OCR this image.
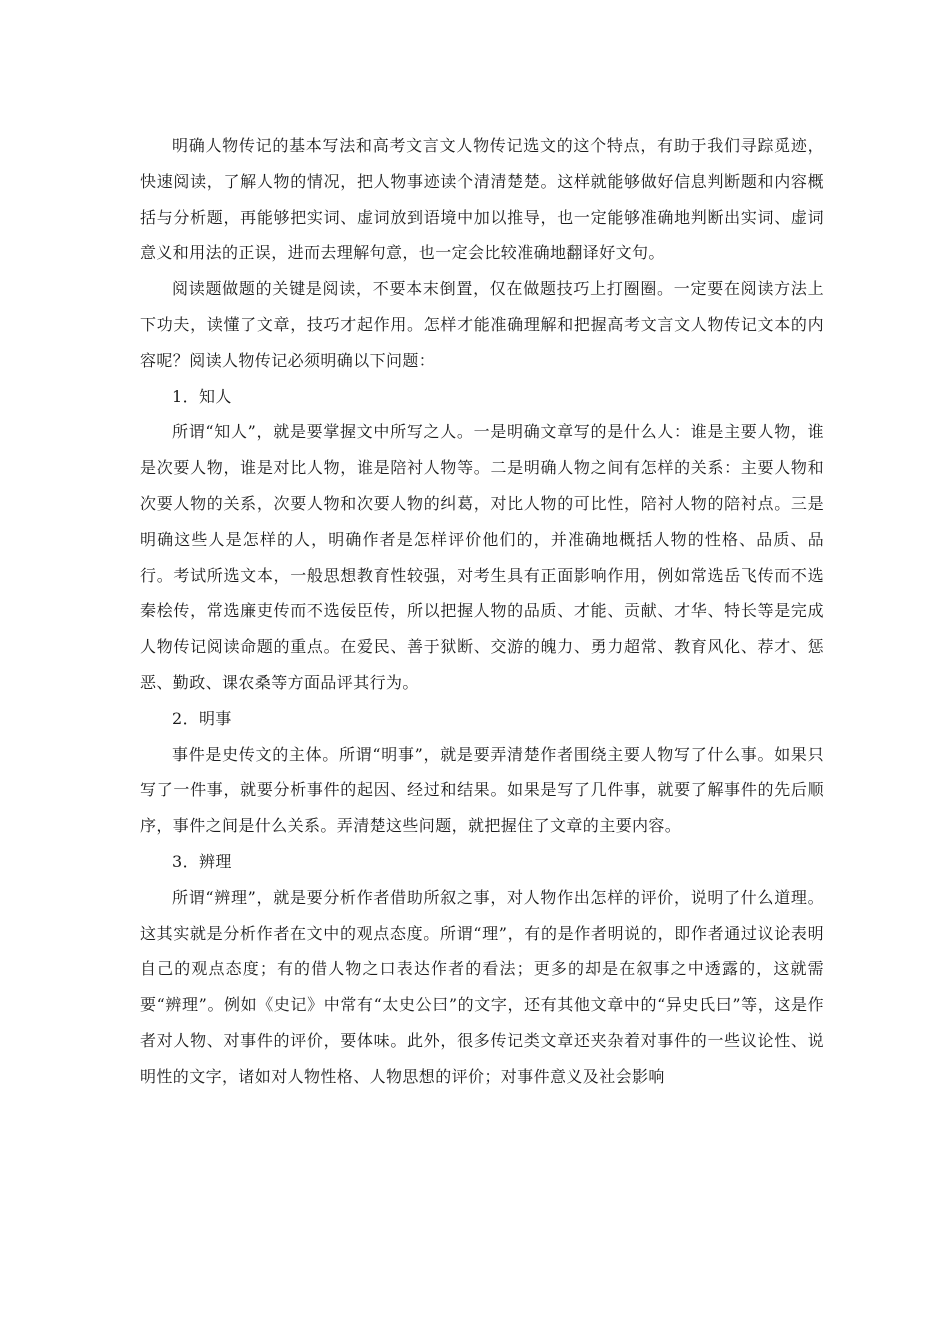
明确人物传记的基本写法和高考文言文人物传记选文的这个特点，有助于我们寻踪觅迹，快速阅读，了解人物的情况，把人物事迹读个清清楚楚。这样就能够做好信息判断题和内容概括与分析题，再能够把实词、虚词放到语境中加以推导，也一定能够准确地判断出实词、虚词意义和用法的正误，进而去理解句意，也一定会比较准确地翻译好文句。

阅读题做题的关键是阅读，不要本末倒置，仅在做题技巧上打圈圈。一定要在阅读方法上下功夫，读懂了文章，技巧才起作用。怎样才能准确理解和把握高考文言文人物传记文本的内容呢？阅读人物传记必须明确以下问题：

1．知人

所谓“知人”，就是要掌握文中所写之人。一是明确文章写的是什么人：谁是主要人物，谁是次要人物，谁是对比人物，谁是陪衬人物等。二是明确人物之间有怎样的关系：主要人物和次要人物的关系，次要人物和次要人物的纠葛，对比人物的可比性，陪衬人物的陪衬点。三是明确这些人是怎样的人，明确作者是怎样评价他们的，并准确地概括人物的性格、品质、品行。考试所选文本，一般思想教育性较强，对考生具有正面影响作用，例如常选岳飞传而不选秦桧传，常选廉吏传而不选佞臣传，所以把握人物的品质、才能、贡献、才华、特长等是完成人物传记阅读命题的重点。在爱民、善于狱断、交游的魄力、勇力超常、教育风化、荐才、惩恶、勤政、课农桑等方面品评其行为。

2．明事

事件是史传文的主体。所谓“明事”，就是要弄清楚作者围绕主要人物写了什么事。如果只写了一件事，就要分析事件的起因、经过和结果。如果是写了几件事，就要了解事件的先后顺序，事件之间是什么关系。弄清楚这些问题，就把握住了文章的主要内容。

3．辨理

所谓“辨理”，就是要分析作者借助所叙之事，对人物作出怎样的评价，说明了什么道理。这其实就是分析作者在文中的观点态度。所谓“理”，有的是作者明说的，即作者通过议论表明自己的观点态度；有的借人物之口表达作者的看法；更多的却是在叙事之中透露的，这就需要“辨理”。例如《史记》中常有“太史公曰”的文字，还有其他文章中的“异史氏曰”等，这是作者对人物、对事件的评价，要体味。此外，很多传记类文章还夹杂着对事件的一些议论性、说明性的文字，诸如对人物性格、人物思想的评价；对事件意义及社会影响
